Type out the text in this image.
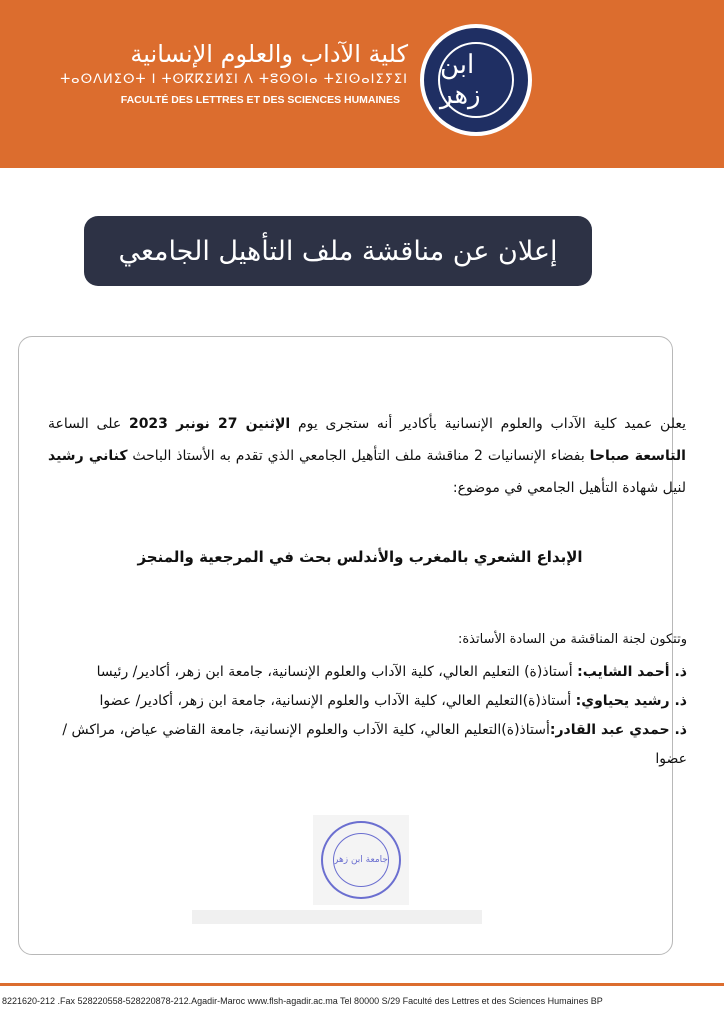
ابن زهر
كلية الآداب والعلوم الإنسانية
ⵜⴰⵙⴷⵍⵉⵙⵜ ⵏ ⵜⵙⴽⴽⵉⵍⵉⵏ ⴷ ⵜⵓⵙⵙⵏⴰ ⵜⵉⵏⵙⴰⵏⵉⵢⵉⵏ
FACULTÉ DES LETTRES ET DES SCIENCES HUMAINES
إعلان عن مناقشة ملف التأهيل الجامعي
يعلن عميد كلية الآداب والعلوم الإنسانية بأكادير أنه ستجرى يوم الإثنين 27 نونبر 2023 على الساعة التاسعة صباحا بفضاء الإنسانيات 2 مناقشة ملف التأهيل الجامعي الذي تقدم به الأستاذ الباحث كناني رشيد لنيل شهادة التأهيل الجامعي في موضوع:
الإبداع الشعري بالمغرب والأندلس بحث في المرجعية والمنجز
وتتكون لجنة المناقشة من السادة الأساتذة:
ذ. أحمد الشايب: أستاذ(ة) التعليم العالي، كلية الآداب والعلوم الإنسانية، جامعة ابن زهر، أكادير/ رئيسا
ذ. رشيد يحياوي: أستاذ(ة)التعليم العالي، كلية الآداب والعلوم الإنسانية، جامعة ابن زهر، أكادير/ عضوا
ذ. حمدي عبد القادر:أستاذ(ة)التعليم العالي، كلية الآداب والعلوم الإنسانية، جامعة القاضي عياض، مراكش / عضوا
جامعة ابن زهر
8221620-212 .Fax 528220558-528220878-212.Agadir-Maroc www.flsh-agadir.ac.ma Tel 80000 S/29 Faculté des Lettres et des Sciences Humaines BP
